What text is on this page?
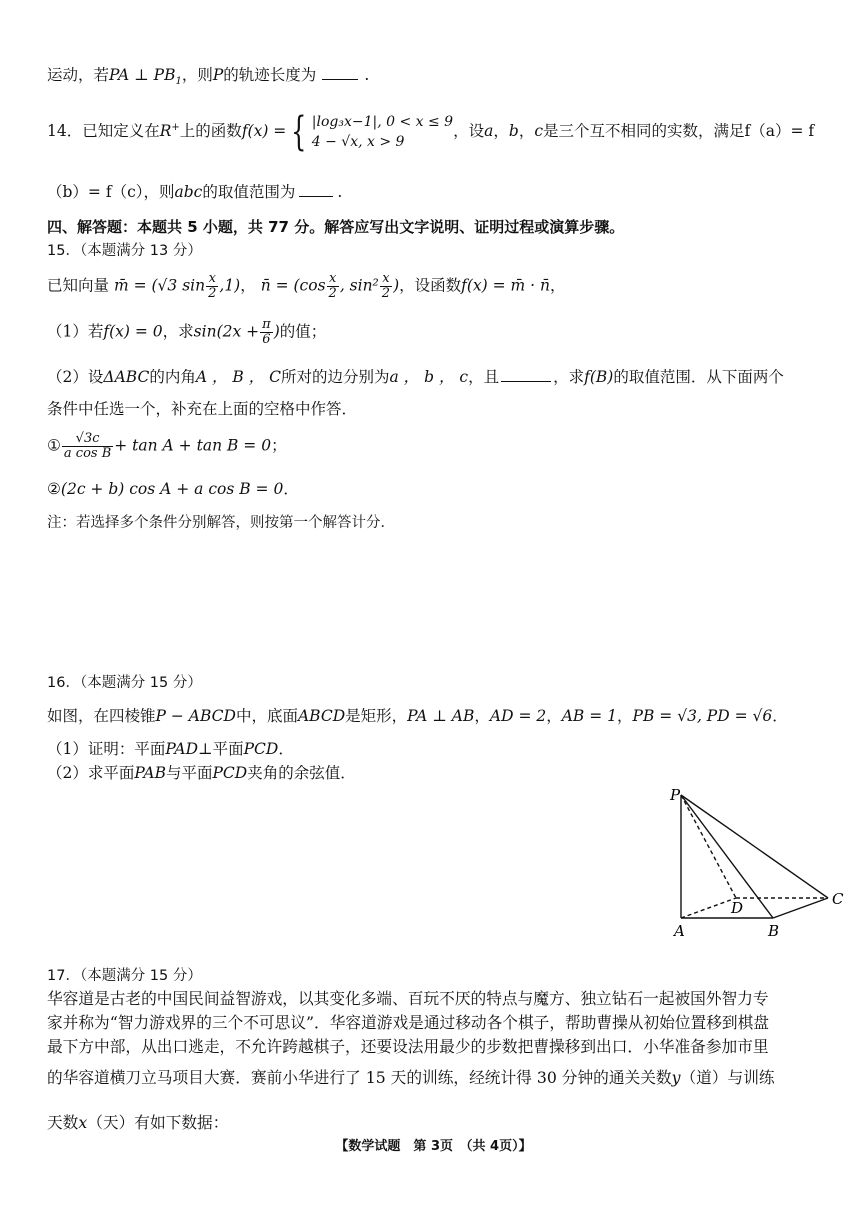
运动，若PA ⊥ $PB_1$，则P的轨迹长度为	.
14．已知定义在R+上的函数f(x) = { |log₃x−1|, 0 < x ≤ 9
4 − √x, x > 9
，设a，b，c是三个互不相同的实数，满足f（a）= f
（b）= f（c），则abc的取值范围为	.
四、解答题：本题共 5 小题，共 77 分。解答应写出文字说明、证明过程或演算步骤。
15．（本题满分 13 分）
已知向量 m̄ = (√3 $\sin \frac{x}{2} ,1$)， n̄ = ($\cos \frac{x}{2}$ , $\sin^2 \frac{x}{2}$ )，设函数f(x) = m̄ · n̄，
（1）若f(x) = 0，求$\sin(2x + \frac{\pi}{6}$ )的值；
（2）设ΔABC的内角A ， B ， C所对的边分别为a ， b ， c，且	，求f(B)的取值范围．从下面两个
条件中任选一个，补充在上面的空格中作答．
① $\frac{√3c}{\text{a cos B}} + \tan A + \tan B = 0$；
②(2c + b) cos A + a cos B = 0．
注：若选择多个条件分别解答，则按第一个解答计分．
16．（本题满分 15 分）
如图，在四棱锥P − ABCD中，底面ABCD是矩形，PA ⊥ AB，AD = 2，AB = 1，PB = √3, PD = √6．
（1）证明：平面PAD⊥平面PCD．
（2）求平面PAB与平面PCD夹角的余弦值．
P
A	B
C
D
17．（本题满分 15 分）
华容道是古老的中国民间益智游戏，以其变化多端、百玩不厌的特点与魔方、独立钻石一起被国外智力专
家并称为“智力游戏界的三个不可思议”．华容道游戏是通过移动各个棋子，帮助曹操从初始位置移到棋盘
最下方中部，从出口逃走，不允许跨越棋子，还要设法用最少的步数把曹操移到出口．小华准备参加市里
的华容道横刀立马项目大赛．赛前小华进行了 15 天的训练，经统计得 30 分钟的通关关数y（道）与训练
天数x（天）有如下数据：
【数学试题　第 3页　（共 4页）】
